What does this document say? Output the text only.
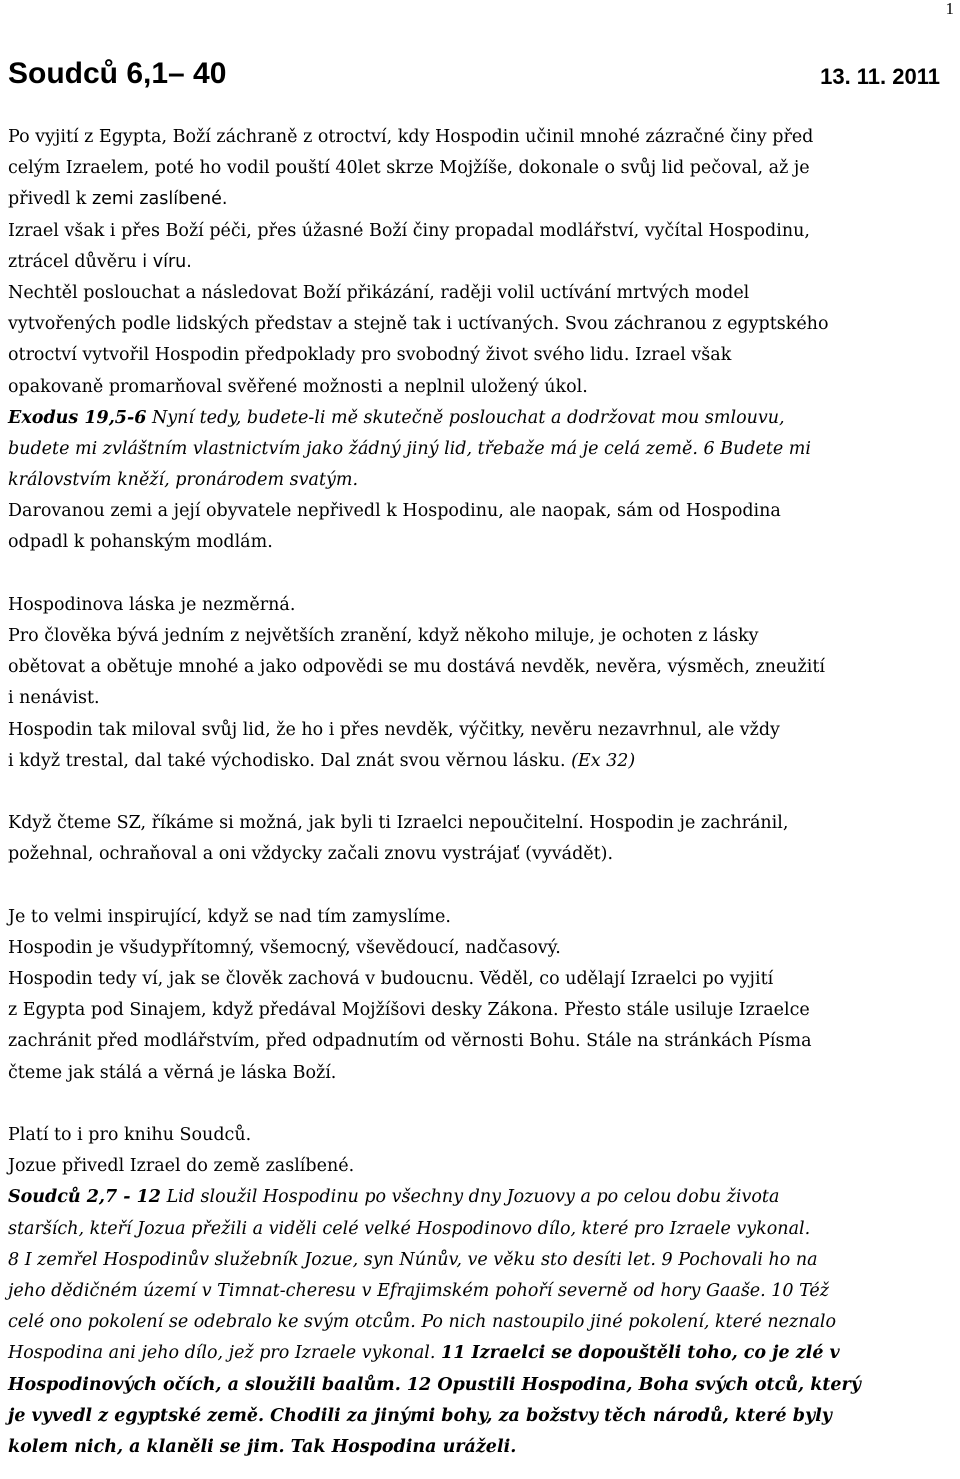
1
Soudců 6,1– 40	13. 11. 2011
Po vyjití z Egypta, Boží záchraně z otroctví, kdy Hospodin učinil mnohé zázračné činy před
celým Izraelem, poté ho vodil pouští 40let skrze Mojžíše, dokonale o svůj lid pečoval, až je
přivedl k zemi zaslíbené.
Izrael však i přes Boží péči, přes úžasné Boží činy propadal modlářství, vyčítal Hospodinu,
ztrácel důvěru i víru.
Nechtěl poslouchat a následovat Boží přikázání, raději volil uctívání mrtvých model
vytvořených podle lidských představ a stejně tak i uctívaných. Svou záchranou z egyptského
otroctví vytvořil Hospodin předpoklady pro svobodný život svého lidu. Izrael však
opakovaně promarňoval svěřené možnosti a neplnil uložený úkol.
Exodus 19,5-6 Nyní tedy, budete-li mě skutečně poslouchat a dodržovat mou smlouvu,
budete mi zvláštním vlastnictvím jako žádný jiný lid, třebaže má je celá země. 6 Budete mi
královstvím kněží, pronárodem svatým.
Darovanou zemi a její obyvatele nepřivedl k Hospodinu, ale naopak, sám od Hospodina
odpadl k pohanským modlám.
Hospodinova láska je nezměrná.
Pro člověka bývá jedním z největších zranění, když někoho miluje, je ochoten z lásky
obětovat a obětuje mnohé a jako odpovědi se mu dostává nevděk, nevěra, výsměch, zneužití
i nenávist.
Hospodin tak miloval svůj lid, že ho i přes nevděk, výčitky, nevěru nezavrhnul, ale vždy
i když trestal, dal také východisko. Dal znát svou věrnou lásku. (Ex 32)
Když čteme SZ, říkáme si možná, jak byli ti Izraelci nepoučitelní. Hospodin je zachránil,
požehnal, ochraňoval a oni vždycky začali znovu vystrájať (vyvádět).
Je to velmi inspirující, když se nad tím zamyslíme.
Hospodin je všudypřítomný, všemocný, vševědoucí, nadčasový.
Hospodin tedy ví, jak se člověk zachová v budoucnu. Věděl, co udělají Izraelci po vyjití
z Egypta pod Sinajem, když předával Mojžíšovi desky Zákona. Přesto stále usiluje Izraelce
zachránit před modlářstvím, před odpadnutím od věrnosti Bohu. Stále na stránkách Písma
čteme jak stálá a věrná je láska Boží.
Platí to i pro knihu Soudců.
Jozue přivedl Izrael do země zaslíbené.
Soudců 2,7 - 12 Lid sloužil Hospodinu po všechny dny Jozuovy a po celou dobu života
starších, kteří Jozua přežili a viděli celé velké Hospodinovo dílo, které pro Izraele vykonal.
8 I zemřel Hospodinův služebník Jozue, syn Núnův, ve věku sto desíti let. 9 Pochovali ho na
jeho dědičném území v Timnat-cheresu v Efrajimském pohoří severně od hory Gaaše. 10 Též
celé ono pokolení se odebralo ke svým otcům. Po nich nastoupilo jiné pokolení, které neznalo
Hospodina ani jeho dílo, jež pro Izraele vykonal. 11 Izraelci se dopouštěli toho, co je zlé v
Hospodinových očích, a sloužili baalům. 12 Opustili Hospodina, Boha svých otců, který
je vyvedl z egyptské země. Chodili za jinými bohy, za božstvy těch národů, které byly
kolem nich, a klaněli se jim. Tak Hospodina uráželi.
